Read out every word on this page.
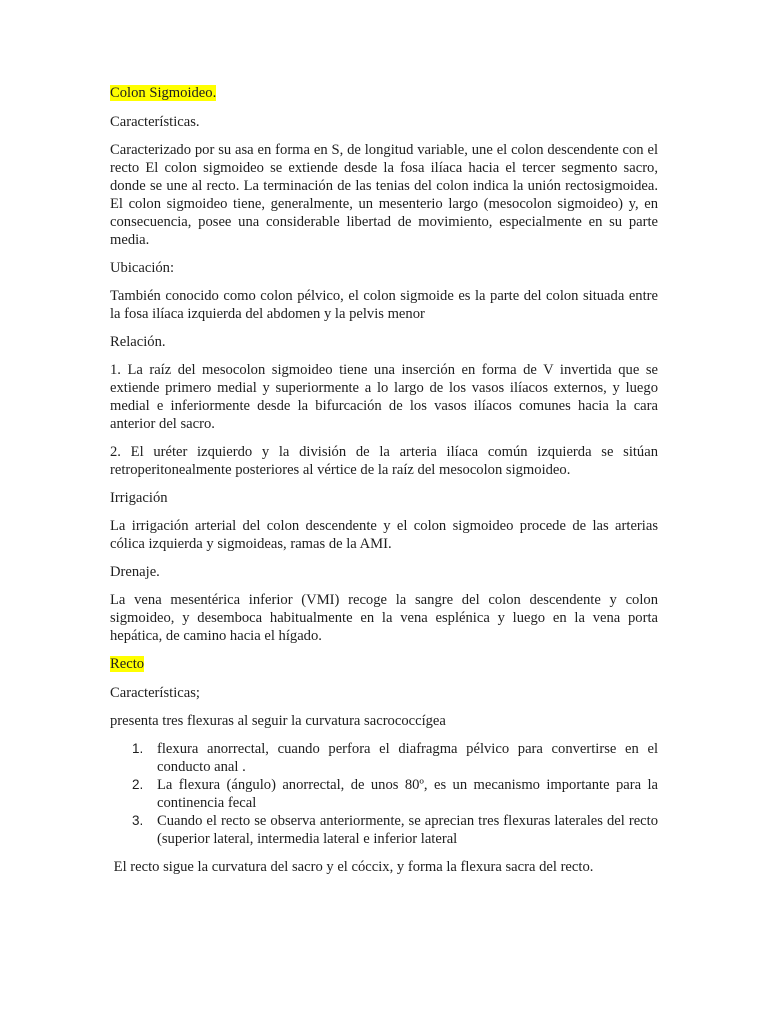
Colon Sigmoideo.

Características.

Caracterizado por su asa en forma en S, de longitud variable, une el colon descendente con el recto El colon sigmoideo se extiende desde la fosa ilíaca hacia el tercer segmento sacro, donde se une al recto. La terminación de las tenias del colon indica la unión rectosigmoidea. El colon sigmoideo tiene, generalmente, un mesenterio largo (mesocolon sigmoideo) y, en consecuencia, posee una considerable libertad de movimiento, especialmente en su parte media.

Ubicación:

También conocido como colon pélvico, el colon sigmoide es la parte del colon situada entre la fosa ilíaca izquierda del abdomen y la pelvis menor

Relación.

1. La raíz del mesocolon sigmoideo tiene una inserción en forma de V invertida que se extiende primero medial y superiormente a lo largo de los vasos ilíacos externos, y luego medial e inferiormente desde la bifurcación de los vasos ilíacos comunes hacia la cara anterior del sacro.

2. El uréter izquierdo y la división de la arteria ilíaca común izquierda se sitúan retroperitonealmente posteriores al vértice de la raíz del mesocolon sigmoideo.

Irrigación

La irrigación arterial del colon descendente y el colon sigmoideo procede de las arterias cólica izquierda y sigmoideas, ramas de la AMI.

Drenaje.

La vena mesentérica inferior (VMI) recoge la sangre del colon descendente y colon sigmoideo, y desemboca habitualmente en la vena esplénica y luego en la vena porta hepática, de camino hacia el hígado.

Recto

Características;

presenta tres flexuras al seguir la curvatura sacrococcígea

1. flexura anorrectal, cuando perfora el diafragma pélvico para convertirse en el conducto anal .
2. La flexura (ángulo) anorrectal, de unos 80º, es un mecanismo importante para la continencia fecal
3. Cuando el recto se observa anteriormente, se aprecian tres flexuras laterales del recto (superior lateral, intermedia lateral e inferior lateral

El recto sigue la curvatura del sacro y el cóccix, y forma la flexura sacra del recto.
